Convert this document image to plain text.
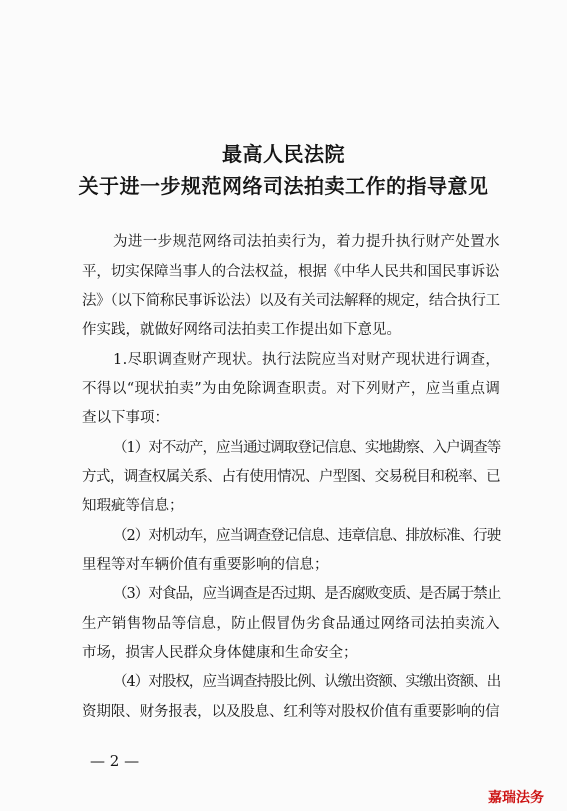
最高人民法院
关于进一步规范网络司法拍卖工作的指导意见
为进一步规范网络司法拍卖行为，着力提升执行财产处置水
平，切实保障当事人的合法权益，根据《中华人民共和国民事诉讼
法》（以下简称民事诉讼法）以及有关司法解释的规定，结合执行工
作实践，就做好网络司法拍卖工作提出如下意见。
1.尽职调查财产现状。执行法院应当对财产现状进行调查，
不得以“现状拍卖”为由免除调查职责。对下列财产，应当重点调
查以下事项：
（1）对不动产，应当通过调取登记信息、实地勘察、入户调查等
方式，调查权属关系、占有使用情况、户型图、交易税目和税率、已
知瑕疵等信息；
（2）对机动车，应当调查登记信息、违章信息、排放标准、行驶
里程等对车辆价值有重要影响的信息；
（3）对食品，应当调查是否过期、是否腐败变质、是否属于禁止
生产销售物品等信息，防止假冒伪劣食品通过网络司法拍卖流入
市场，损害人民群众身体健康和生命安全；
（4）对股权，应当调查持股比例、认缴出资额、实缴出资额、出
资期限、财务报表，以及股息、红利等对股权价值有重要影响的信
— 2 —
嘉瑞法务
